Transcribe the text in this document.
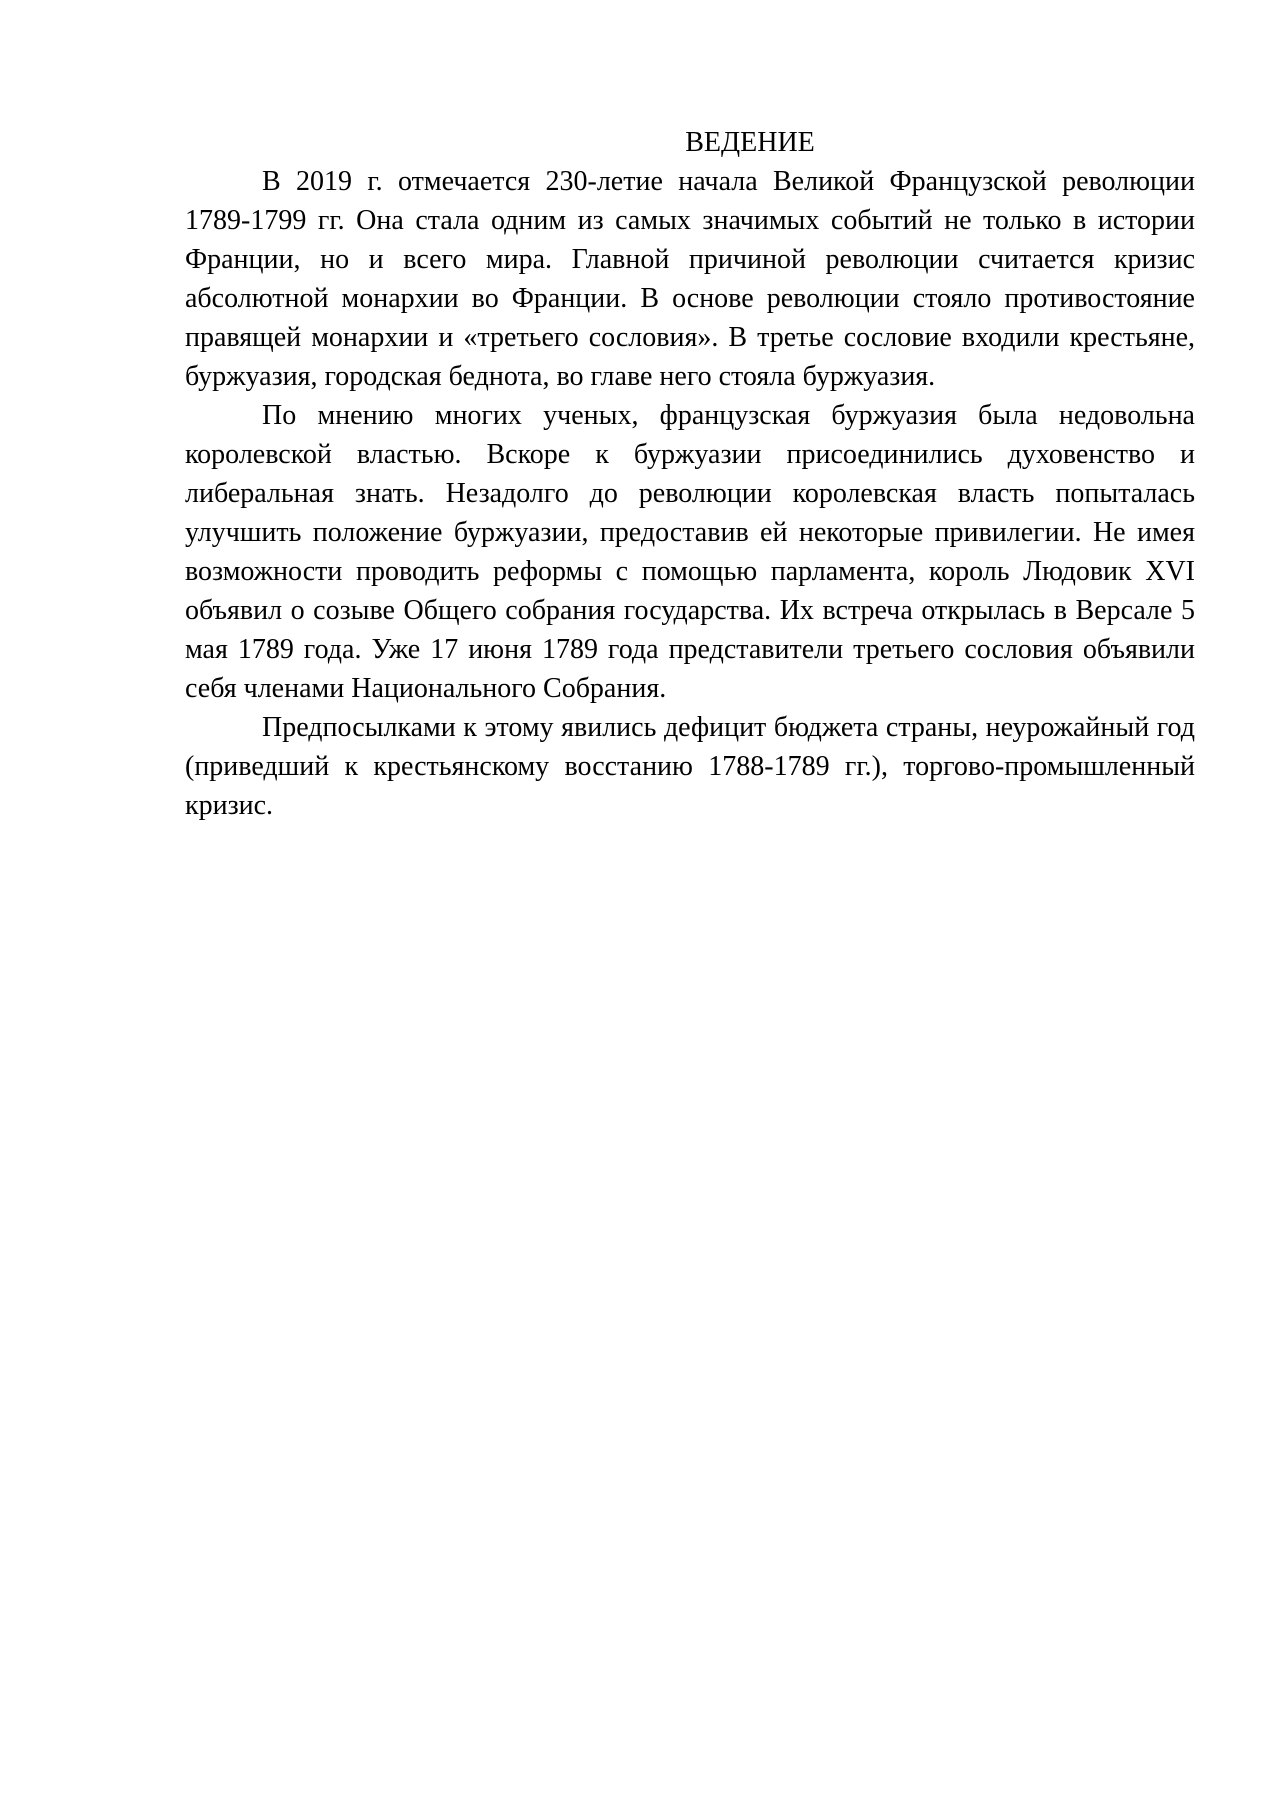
ВЕДЕНИЕ

В 2019 г. отмечается 230-летие начала Великой Французской революции 1789-1799 гг. Она стала одним из самых значимых событий не только в истории Франции, но и всего мира. Главной причиной революции считается кризис абсолютной монархии во Франции. В основе революции стояло противостояние правящей монархии и «третьего сословия». В третье сословие входили крестьяне, буржуазия, городская беднота, во главе него стояла буржуазия.

По мнению многих ученых, французская буржуазия была недовольна королевской властью. Вскоре к буржуазии присоединились духовенство и либеральная знать. Незадолго до революции королевская власть попыталась улучшить положение буржуазии, предоставив ей некоторые привилегии. Не имея возможности проводить реформы с помощью парламента, король Людовик XVI объявил о созыве Общего собрания государства. Их встреча открылась в Версале 5 мая 1789 года. Уже 17 июня 1789 года представители третьего сословия объявили себя членами Национального Собрания.

Предпосылками к этому явились дефицит бюджета страны, неурожайный год (приведший к крестьянскому восстанию 1788-1789 гг.), торгово-промышленный кризис.
